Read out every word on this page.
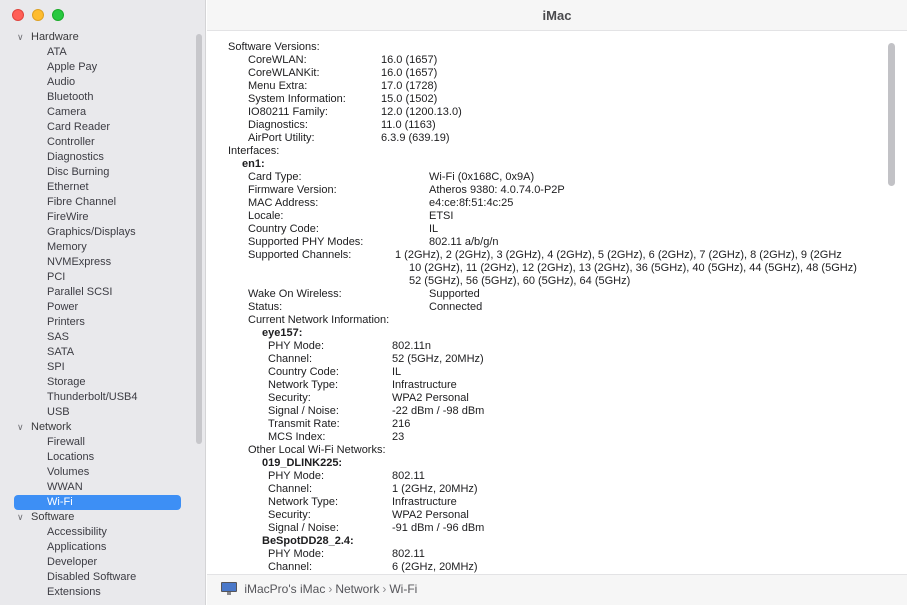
∨ Hardware
ATA
Apple Pay
Audio
Bluetooth
Camera
Card Reader
Controller
Diagnostics
Disc Burning
Ethernet
Fibre Channel
FireWire
Graphics/Displays
Memory
NVMExpress
PCI
Parallel SCSI
Power
Printers
SAS
SATA
SPI
Storage
Thunderbolt/USB4
USB
∨ Network
Firewall
Locations
Volumes
WWAN
Wi-Fi
∨ Software
Accessibility
Applications
Developer
Disabled Software
Extensions
iMac
Software Versions:
CoreWLAN:	16.0 (1657)
CoreWLANKit:	16.0 (1657)
Menu Extra:	17.0 (1728)
System Information:	15.0 (1502)
IO80211 Family:	12.0 (1200.13.0)
Diagnostics:	11.0 (1163)
AirPort Utility:	6.3.9 (639.19)
Interfaces:
en1:
Card Type:	Wi-Fi (0x168C, 0x9A)
Firmware Version:	Atheros 9380: 4.0.74.0-P2P
MAC Address:	e4:ce:8f:51:4c:25
Locale:	ETSI
Country Code:	IL
Supported PHY Modes:	802.11 a/b/g/n
Supported Channels:	1 (2GHz), 2 (2GHz), 3 (2GHz), 4 (2GHz), 5 (2GHz), 6 (2GHz), 7 (2GHz), 8 (2GHz), 9 (2GHz
10 (2GHz), 11 (2GHz), 12 (2GHz), 13 (2GHz), 36 (5GHz), 40 (5GHz), 44 (5GHz), 48 (5GHz)
52 (5GHz), 56 (5GHz), 60 (5GHz), 64 (5GHz)
Wake On Wireless:	Supported
Status:	Connected
Current Network Information:
eye157:
PHY Mode:	802.11n
Channel:	52 (5GHz, 20MHz)
Country Code:	IL
Network Type:	Infrastructure
Security:	WPA2 Personal
Signal / Noise:	-22 dBm / -98 dBm
Transmit Rate:	216
MCS Index:	23
Other Local Wi-Fi Networks:
019_DLINK225:
PHY Mode:	802.11
Channel:	1 (2GHz, 20MHz)
Network Type:	Infrastructure
Security:	WPA2 Personal
Signal / Noise:	-91 dBm / -96 dBm
BeSpotDD28_2.4:
PHY Mode:	802.11
Channel:	6 (2GHz, 20MHz)
iMacPro's iMac › Network › Wi-Fi
